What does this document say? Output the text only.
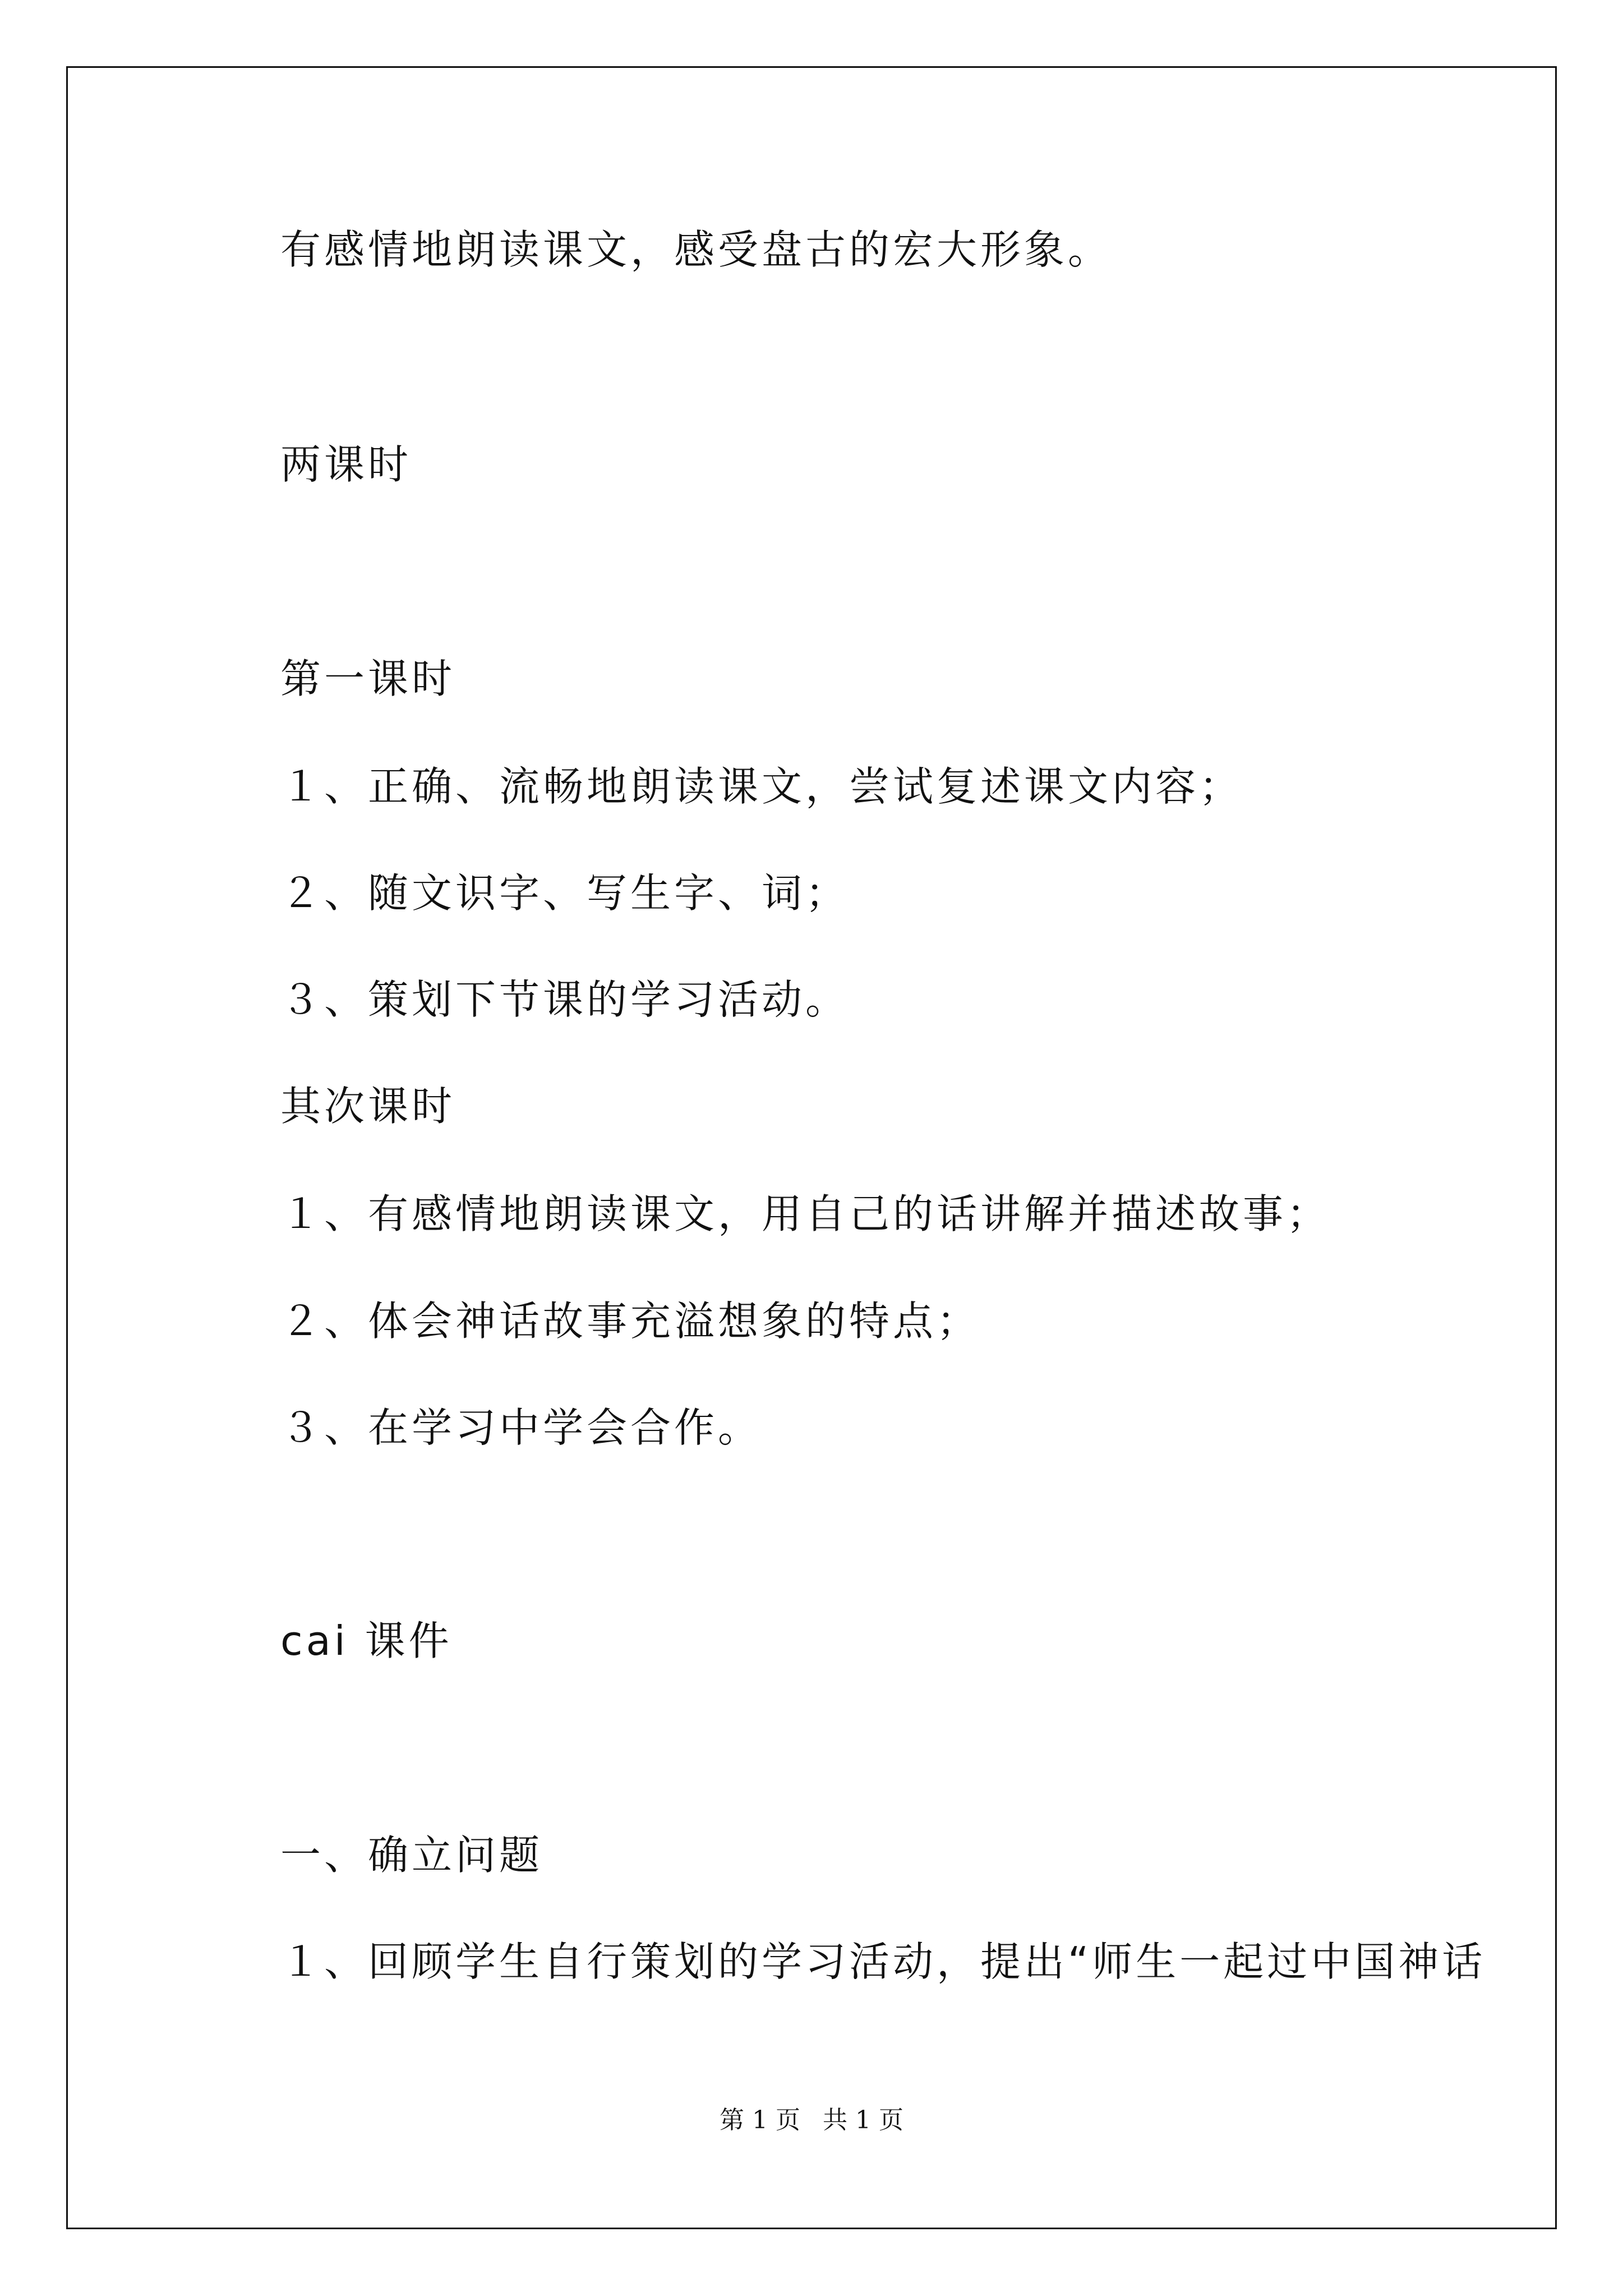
有感情地朗读课文，感受盘古的宏大形象。
两课时
第一课时
１、正确、流畅地朗读课文，尝试复述课文内容；
２、随文识字、写生字、词；
３、策划下节课的学习活动。
其次课时
１、有感情地朗读课文，用自己的话讲解并描述故事；
２、体会神话故事充溢想象的特点；
３、在学习中学会合作。
cai 课件
一、确立问题
１、回顾学生自行策划的学习活动，提出“师生一起过中国神话
第 1 页 共 1 页
